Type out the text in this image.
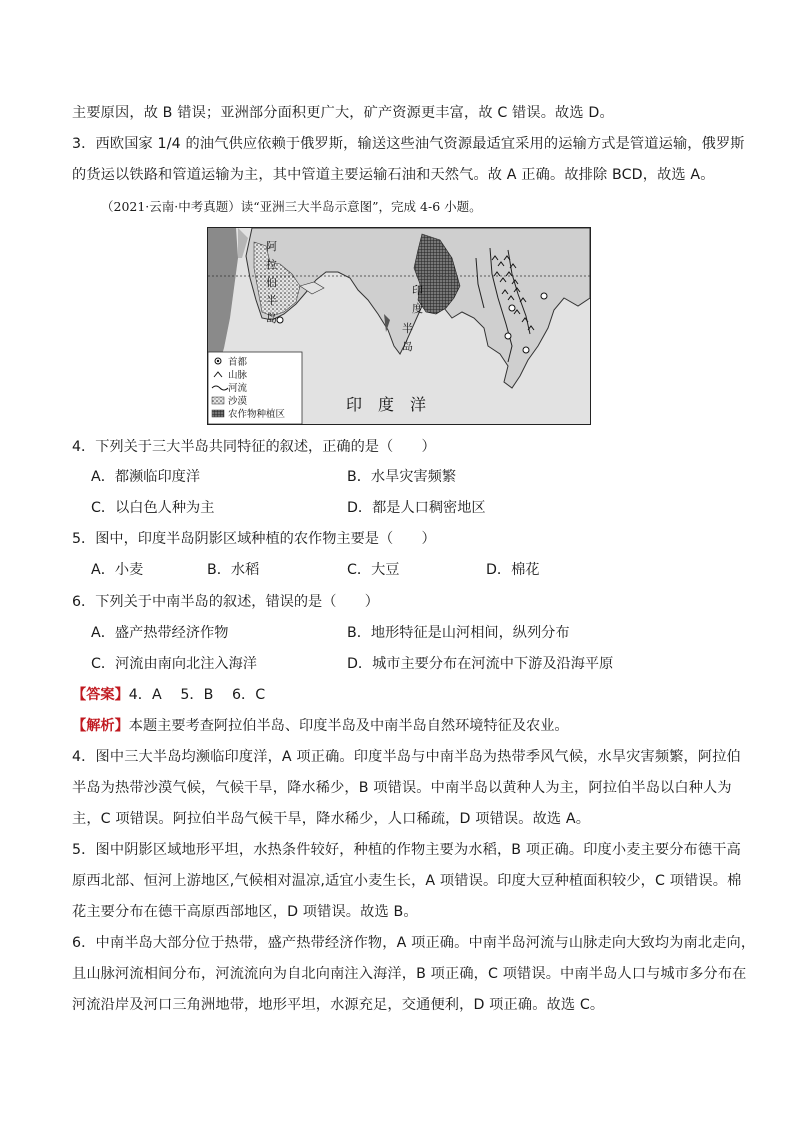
主要原因，故 B 错误；亚洲部分面积更广大，矿产资源更丰富，故 C 错误。故选 D。
3．西欧国家 1/4 的油气供应依赖于俄罗斯，输送这些油气资源最适宜采用的运输方式是管道运输，俄罗斯
的货运以铁路和管道运输为主，其中管道主要运输石油和天然气。故 A 正确。故排除 BCD，故选 A。
（2021·云南·中考真题）读“亚洲三大半岛示意图”，完成 4-6 小题。
阿
拉
伯
半
岛
印
度
半
岛
印　度　洋
首都
山脉
河流
沙漠
农作物种植区
4．下列关于三大半岛共同特征的叙述，正确的是（　　）
A．都濒临印度洋	B．水旱灾害频繁
C．以白色人种为主	D．都是人口稠密地区
5．图中，印度半岛阴影区域种植的农作物主要是（　　）
A．小麦	B．水稻	C．大豆	D．棉花
6．下列关于中南半岛的叙述，错误的是（　　）
A．盛产热带经济作物	B．地形特征是山河相间，纵列分布
C．河流由南向北注入海洋	D．城市主要分布在河流中下游及沿海平原
【答案】4．A　 5．B　 6．C
【解析】本题主要考查阿拉伯半岛、印度半岛及中南半岛自然环境特征及农业。
4．图中三大半岛均濒临印度洋，A 项正确。印度半岛与中南半岛为热带季风气候，水旱灾害频繁，阿拉伯
半岛为热带沙漠气候，气候干旱，降水稀少，B 项错误。中南半岛以黄种人为主，阿拉伯半岛以白种人为
主，C 项错误。阿拉伯半岛气候干旱，降水稀少，人口稀疏，D 项错误。故选 A。
5．图中阴影区域地形平坦，水热条件较好，种植的作物主要为水稻，B 项正确。印度小麦主要分布德干高
原西北部、恒河上游地区,气候相对温凉,适宜小麦生长，A 项错误。印度大豆种植面积较少，C 项错误。棉
花主要分布在德干高原西部地区，D 项错误。故选 B。
6．中南半岛大部分位于热带，盛产热带经济作物，A 项正确。中南半岛河流与山脉走向大致均为南北走向，
且山脉河流相间分布，河流流向为自北向南注入海洋，B 项正确，C 项错误。中南半岛人口与城市多分布在
河流沿岸及河口三角洲地带，地形平坦，水源充足，交通便利，D 项正确。故选 C。
